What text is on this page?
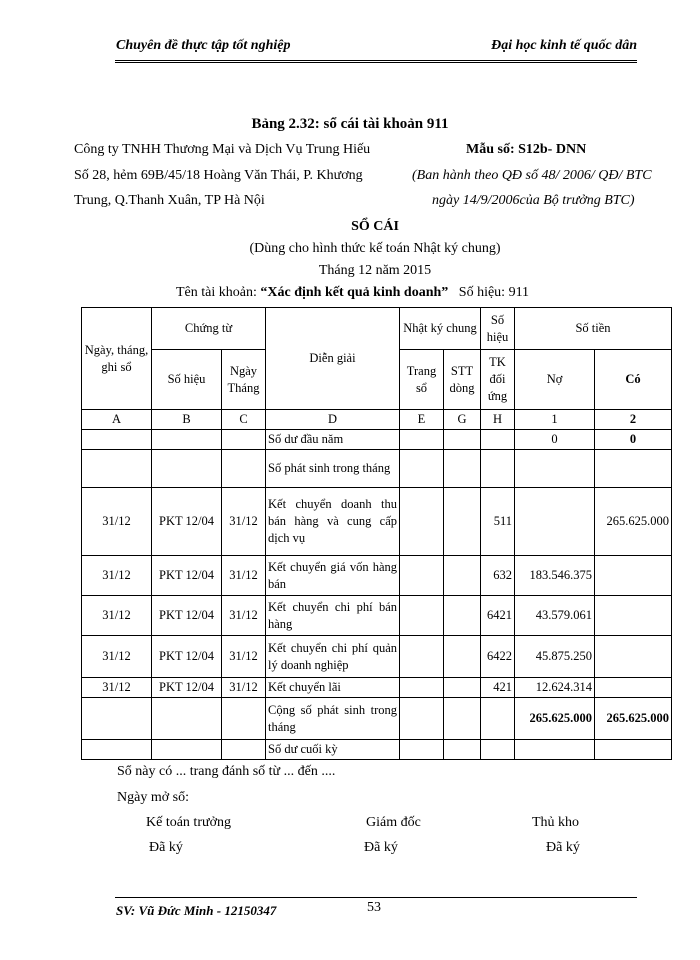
Chuyên đề thực tập tốt nghiệp	Đại học kinh tế quốc dân
Bảng 2.32: sổ cái tài khoản 911
Công ty TNHH Thương Mại và Dịch Vụ Trung Hiếu
Số 28, hẻm 69B/45/18 Hoàng Văn Thái, P. Khương
Trung, Q.Thanh Xuân, TP Hà Nội
Mẫu số: S12b- DNN
(Ban hành theo QĐ số 48/ 2006/ QĐ/ BTC
ngày 14/9/2006của Bộ trưởng BTC)
SỔ CÁI
(Dùng cho hình thức kế toán Nhật ký chung)
Tháng 12 năm 2015
Tên tài khoản: “Xác định kết quả kinh doanh” Số hiệu: 911
Ngày, tháng, ghi sổ	Chứng từ		Diễn giải	Nhật ký chung		Số hiệu	Số tiền	
	Số hiệu	Ngày Tháng		Trang sổ	STT dòng	TK đối ứng	Nợ	Có
A	B	C	D	E	G	H	1	2
			Số dư đầu năm				0	0
			Số phát sinh trong tháng					
31/12	PKT 12/04	31/12	Kết chuyển doanh thu bán hàng và cung cấp dịch vụ			511		265.625.000
31/12	PKT 12/04	31/12	Kết chuyển giá vốn hàng bán			632	183.546.375	
31/12	PKT 12/04	31/12	Kết chuyển chi phí bán hàng			6421	43.579.061	
31/12	PKT 12/04	31/12	Kết chuyển chi phí quản lý doanh nghiệp			6422	45.875.250	
31/12	PKT 12/04	31/12	Kết chuyển lãi			421	12.624.314	
			Cộng số phát sinh trong tháng				265.625.000	265.625.000
			Số dư cuối kỳ					
Sổ này có ... trang đánh số từ ... đến ....
Ngày mở sổ:
Kế toán trưởng	Giám đốc	Thủ kho
Đã ký	Đã ký	Đã ký
SV: Vũ Đức Minh - 12150347	53
